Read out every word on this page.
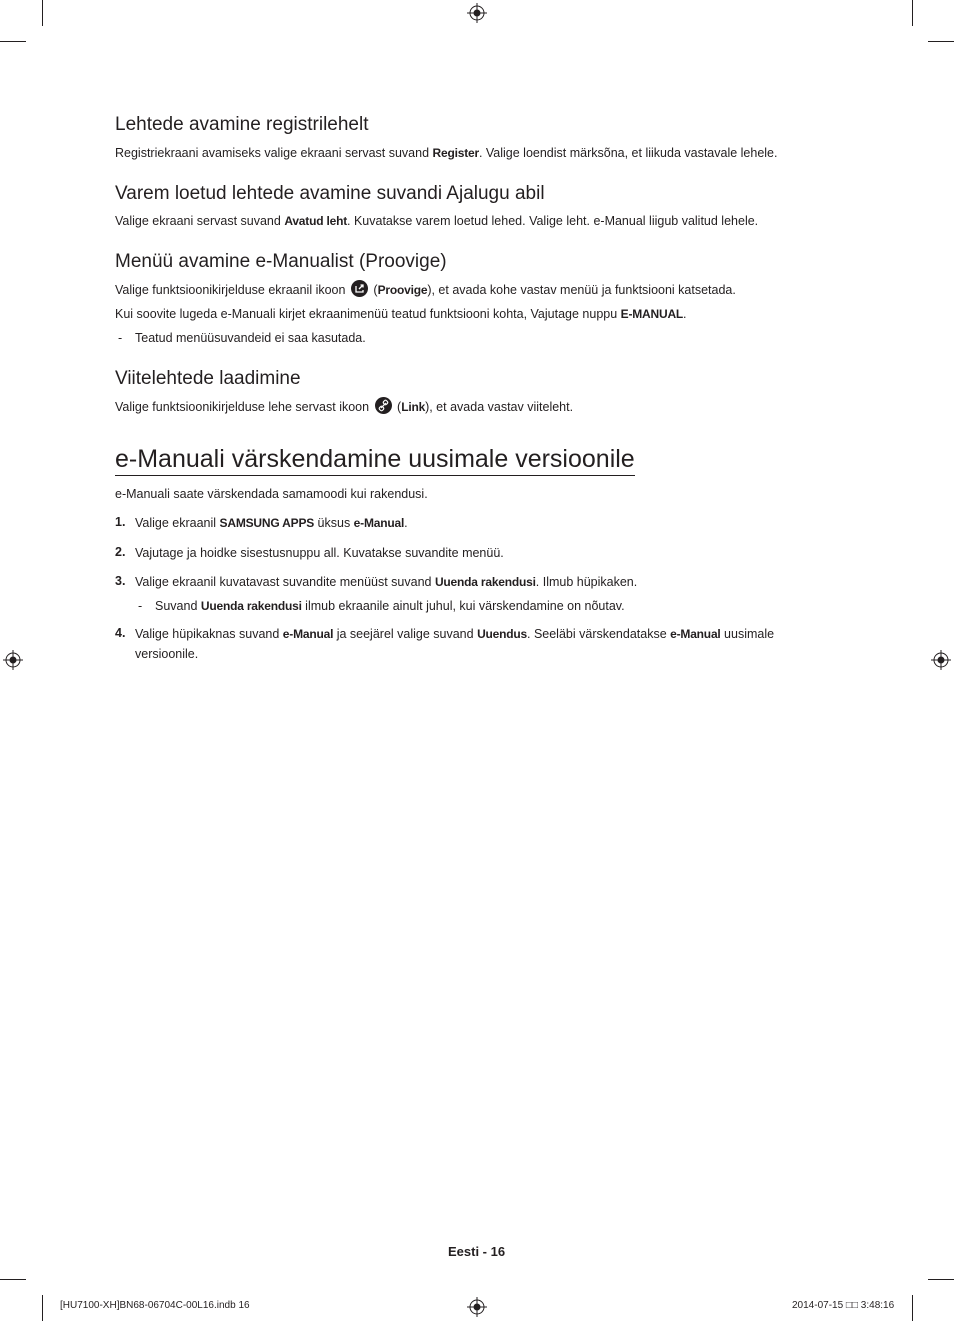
Lehtede avamine registrilehelt

Registriekraani avamiseks valige ekraani servast suvand Register. Valige loendist märksõna, et liikuda vastavale lehele.

Varem loetud lehtede avamine suvandi Ajalugu abil

Valige ekraani servast suvand Avatud leht. Kuvatakse varem loetud lehed. Valige leht. e-Manual liigub valitud lehele.

Menüü avamine e-Manualist (Proovige)

Valige funktsioonikirjelduse ekraanil ikoon
(Proovige), et avada kohe vastav menüü ja funktsiooni katsetada.

Kui soovite lugeda e-Manuali kirjet ekraanimenüü teatud funktsiooni kohta, Vajutage nuppu E-MANUAL.

- Teatud menüüsuvandeid ei saa kasutada.

Viitelehtede laadimine

Valige funktsioonikirjelduse lehe servast ikoon
(Link), et avada vastav viiteleht.

e-Manuali värskendamine uusimale versioonile

e-Manuali saate värskendada samamoodi kui rakendusi.

1. Valige ekraanil SAMSUNG APPS üksus e-Manual.

2. Vajutage ja hoidke sisestusnuppu all. Kuvatakse suvandite menüü.

3. Valige ekraanil kuvatavast suvandite menüüst suvand Uuenda rakendusi. Ilmub hüpikaken.

- Suvand Uuenda rakendusi ilmub ekraanile ainult juhul, kui värskendamine on nõutav.

4. Valige hüpikaknas suvand e-Manual ja seejärel valige suvand Uuendus. Seeläbi värskendatakse e-Manual uusimale

versioonile.

Eesti - 16
[HU7100-XH]BN68-06704C-00L16.indb 16	2014-07-15 □□ 3:48:16
